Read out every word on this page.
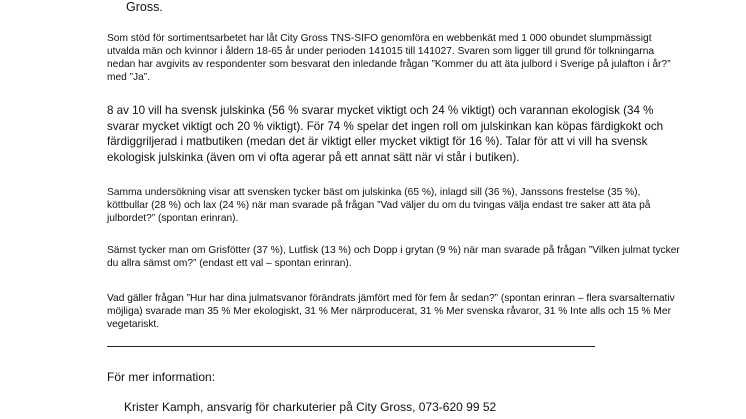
Gross.

Som stöd för sortimentsarbetet har låt City Gross TNS-SIFO genomföra en webbenkät med 1 000 obundet slumpmässigt utvalda män och kvinnor i åldern 18-65 år under perioden 141015 till 141027. Svaren som ligger till grund för tolkningarna nedan har avgivits av respondenter som besvarat den inledande frågan ”Kommer du att äta julbord i Sverige på julafton i år?” med ”Ja”.

8 av 10 vill ha svensk julskinka (56 % svarar mycket viktigt och 24 % viktigt) och varannan ekologisk (34 % svarar mycket viktigt och 20 % viktigt). För 74 % spelar det ingen roll om julskinkan kan köpas färdigkokt och färdiggriljerad i matbutiken (medan det är viktigt eller mycket viktigt för 16 %). Talar för att vi vill ha svensk ekologisk julskinka (även om vi ofta agerar på ett annat sätt när vi står i butiken).

Samma undersökning visar att svensken tycker bäst om julskinka (65 %), inlagd sill (36 %), Janssons frestelse (35 %), köttbullar (28 %) och lax (24 %) när man svarade på frågan ”Vad väljer du om du tvingas välja endast tre saker att äta på julbordet?” (spontan erinran).

Sämst tycker man om Grisfötter (37 %), Lutfisk (13 %) och Dopp i grytan (9 %) när man svarade på frågan ”Vilken julmat tycker du allra sämst om?” (endast ett val – spontan erinran).

Vad gäller frågan ”Hur har dina julmatsvanor förändrats jämfört med för fem år sedan?” (spontan erinran – flera svarsalternativ möjliga) svarade man 35 % Mer ekologiskt, 31 % Mer närproducerat, 31 % Mer svenska råvaror, 31 % Inte alls och 15 % Mer vegetariskt.

För mer information:

Krister Kamph, ansvarig för charkuterier på City Gross, 073-620 99 52
